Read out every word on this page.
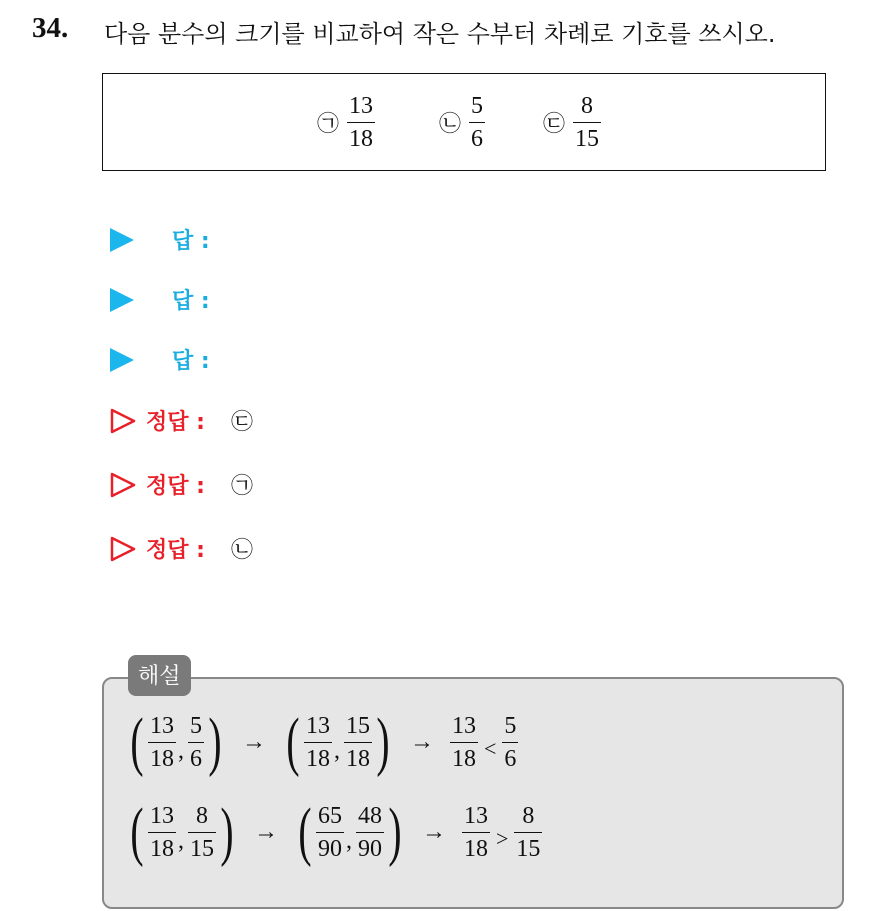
34. 다음 분수의 크기를 비교하여 작은 수부터 차례로 기호를 쓰시오.
㉠ $\frac{13}{18}$	㉡ $\frac{5}{6}$	㉢ $\frac{8}{15}$
답 :
답 :
답 :
정답 : ㉢
정답 : ㉠
정답 : ㉡
( $\frac{13}{18}$ , $\frac{5}{6}$ ) → ( $\frac{13}{18}$ , $\frac{15}{18}$ ) → $\frac{13}{18} < \frac{5}{6}$
( $\frac{13}{18}$ , $\frac{8}{15}$ ) → ( $\frac{65}{90}$ , $\frac{48}{90}$ ) → $\frac{13}{18} > \frac{8}{15}$
해설
